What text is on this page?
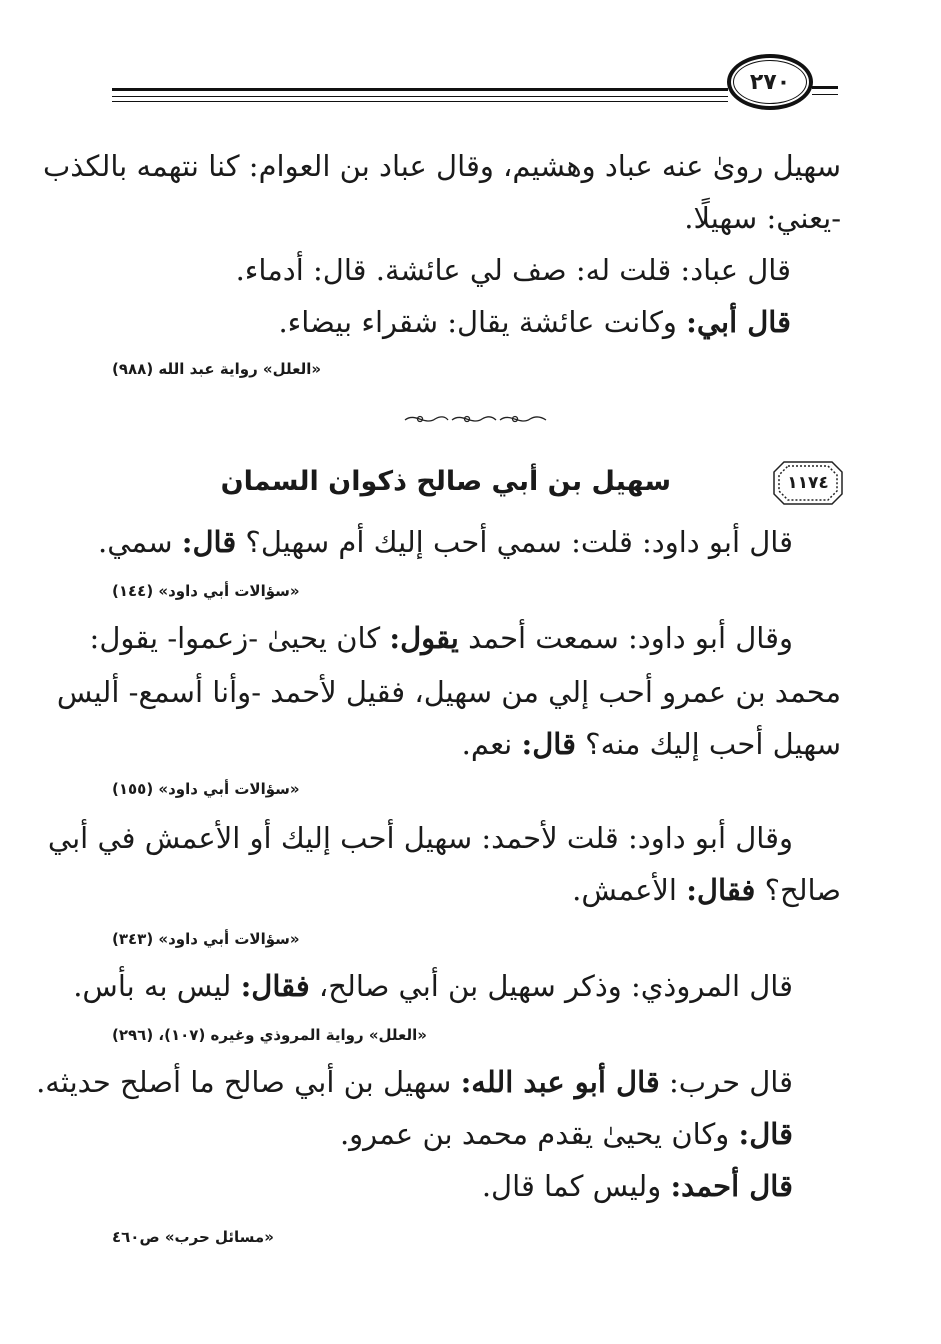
٢٧٠
سهيل روىٰ عنه عباد وهشيم، وقال عباد بن العوام: كنا نتهمه بالكذب
-يعني: سهيلًا.
قال عباد: قلت له: صف لي عائشة. قال: أدماء.
قال أبي: وكانت عائشة يقال: شقراء بيضاء.
«العلل» رواية عبد الله (٩٨٨)
١١٧٤
سهيل بن أبي صالح ذكوان السمان
قال أبو داود: قلت: سمي أحب إليك أم سهيل؟ قال: سمي.
«سؤالات أبي داود» (١٤٤)
وقال أبو داود: سمعت أحمد يقول: كان يحيىٰ -زعموا- يقول:
محمد بن عمرو أحب إلي من سهيل، فقيل لأحمد -وأنا أسمع- أليس
سهيل أحب إليك منه؟ قال: نعم.
«سؤالات أبي داود» (١٥٥)
وقال أبو داود: قلت لأحمد: سهيل أحب إليك أو الأعمش في أبي
صالح؟ فقال: الأعمش.
«سؤالات أبي داود» (٣٤٣)
قال المروذي: وذكر سهيل بن أبي صالح، فقال: ليس به بأس.
«العلل» رواية المروذي وغيره (١٠٧)، (٢٩٦)
قال حرب: قال أبو عبد الله: سهيل بن أبي صالح ما أصلح حديثه.
قال: وكان يحيىٰ يقدم محمد بن عمرو.
قال أحمد: وليس كما قال.
«مسائل حرب» ص٤٦٠
